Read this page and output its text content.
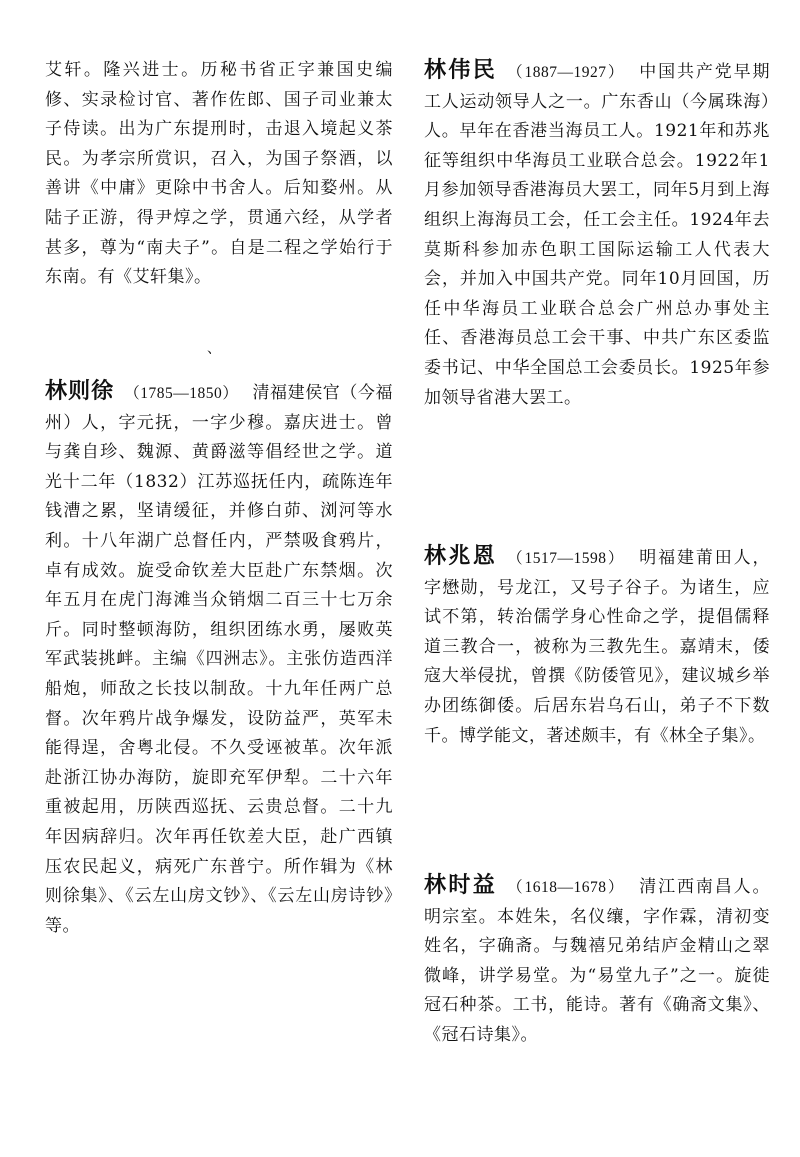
艾轩。隆兴进士。历秘书省正字兼国史编修、实录检讨官、著作佐郎、国子司业兼太子侍读。出为广东提刑时，击退入境起义茶民。为孝宗所赏识，召入，为国子祭酒，以善讲《中庸》更除中书舍人。后知婺州。从陆子正游，得尹焞之学，贯通六经，从学者甚多，尊为“南夫子”。自是二程之学始行于东南。有《艾轩集》。

、

林则徐 （1785—1850） 清福建侯官（今福州）人，字元抚，一字少穆。嘉庆进士。曾与龚自珍、魏源、黄爵滋等倡经世之学。道光十二年（1832）江苏巡抚任内，疏陈连年钱漕之累，坚请缓征，并修白茆、浏河等水利。十八年湖广总督任内，严禁吸食鸦片，卓有成效。旋受命钦差大臣赴广东禁烟。次年五月在虎门海滩当众销烟二百三十七万余斤。同时整顿海防，组织团练水勇，屡败英军武装挑衅。主编《四洲志》。主张仿造西洋船炮，师敌之长技以制敌。十九年任两广总督。次年鸦片战争爆发，设防益严，英军未能得逞，舍粤北侵。不久受诬被革。次年派赴浙江协办海防，旋即充军伊犁。二十六年重被起用，历陕西巡抚、云贵总督。二十九年因病辞归。次年再任钦差大臣，赴广西镇压农民起义，病死广东普宁。所作辑为《林则徐集》、《云左山房文钞》、《云左山房诗钞》等。

林伟民 （1887—1927） 中国共产党早期工人运动领导人之一。广东香山（今属珠海）人。早年在香港当海员工人。1921年和苏兆征等组织中华海员工业联合总会。1922年1月参加领导香港海员大罢工，同年5月到上海组织上海海员工会，任工会主任。1924年去莫斯科参加赤色职工国际运输工人代表大会，并加入中国共产党。同年10月回国，历任中华海员工业联合总会广州总办事处主任、香港海员总工会干事、中共广东区委监委书记、中华全国总工会委员长。1925年参加领导省港大罢工。

林兆恩 （1517—1598） 明福建莆田人，字懋勋，号龙江，又号子谷子。为诸生，应试不第，转治儒学身心性命之学，提倡儒释道三教合一，被称为三教先生。嘉靖末，倭寇大举侵扰，曾撰《防倭管见》，建议城乡举办团练御倭。后居东岩乌石山，弟子不下数千。博学能文，著述颇丰，有《林全子集》。

林时益 （1618—1678） 清江西南昌人。明宗室。本姓朱，名仪𬙋，字作霖，清初变姓名，字确斋。与魏禧兄弟结庐金精山之翠微峰，讲学易堂。为“易堂九子”之一。旋徙冠石种茶。工书，能诗。著有《确斋文集》、《冠石诗集》。
